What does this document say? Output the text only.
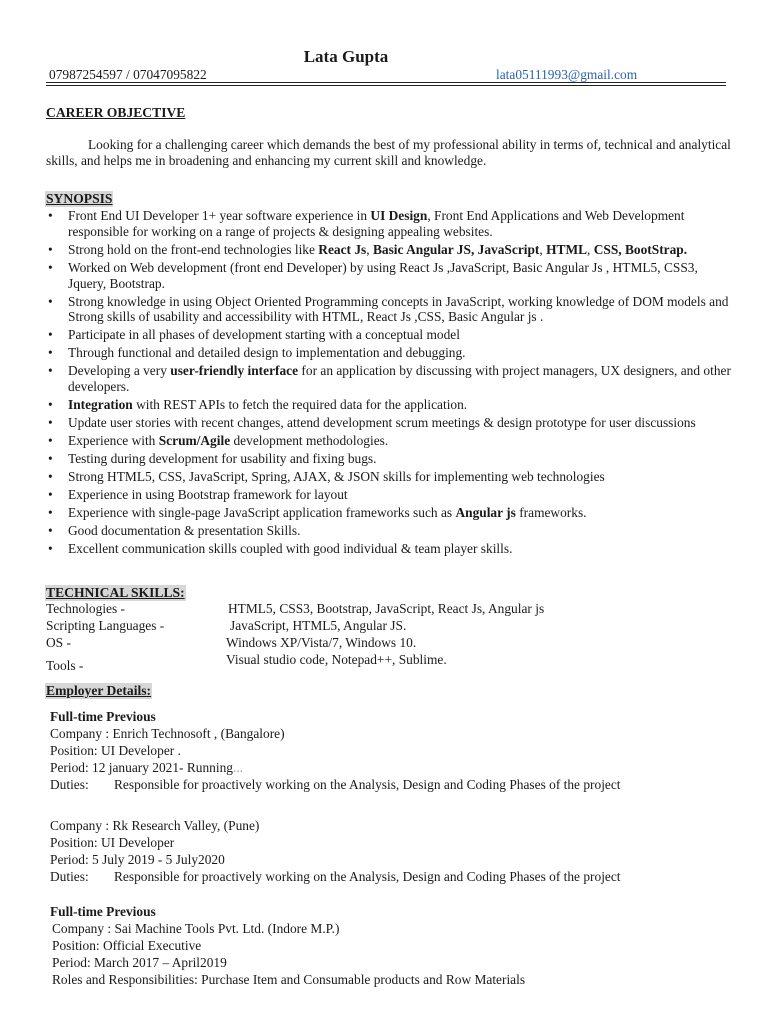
Lata Gupta
07987254597 / 07047095822	lata05111993@gmail.com
CAREER OBJECTIVE
Looking for a challenging career which demands the best of my professional ability in terms of, technical and analytical skills, and helps me in broadening and enhancing my current skill and knowledge.
SYNOPSIS
• Front End UI Developer 1+ year software experience in UI Design, Front End Applications and Web Development responsible for working on a range of projects & designing appealing websites.
• Strong hold on the front-end technologies like React Js, Basic Angular JS, JavaScript, HTML, CSS, BootStrap.
• Worked on Web development (front end Developer) by using React Js ,JavaScript, Basic Angular Js , HTML5, CSS3, Jquery, Bootstrap.
• Strong knowledge in using Object Oriented Programming concepts in JavaScript, working knowledge of DOM models and Strong skills of usability and accessibility with HTML, React Js ,CSS, Basic Angular js .
• Participate in all phases of development starting with a conceptual model
• Through functional and detailed design to implementation and debugging.
• Developing a very user-friendly interface for an application by discussing with project managers, UX designers, and other developers.
• Integration with REST APIs to fetch the required data for the application.
• Update user stories with recent changes, attend development scrum meetings & design prototype for user discussions
• Experience with Scrum/Agile development methodologies.
• Testing during development for usability and fixing bugs.
• Strong HTML5, CSS, JavaScript, Spring, AJAX, & JSON skills for implementing web technologies
• Experience in using Bootstrap framework for layout
• Experience with single-page JavaScript application frameworks such as Angular js frameworks.
• Good documentation & presentation Skills.
• Excellent communication skills coupled with good individual & team player skills.
TECHNICAL SKILLS:
Technologies -	HTML5, CSS3, Bootstrap, JavaScript, React Js, Angular js
Scripting Languages -	JavaScript, HTML5, Angular JS.
OS -	Windows XP/Vista/7, Windows 10.
Tools -	Visual studio code, Notepad++, Sublime.
Employer Details:
Full-time Previous
Company : Enrich Technosoft , (Bangalore)
Position: UI Developer .
Period: 12 january 2021- Running...
Duties: Responsible for proactively working on the Analysis, Design and Coding Phases of the project
Company : Rk Research Valley, (Pune)
Position: UI Developer
Period: 5 July 2019 - 5 July2020
Duties: Responsible for proactively working on the Analysis, Design and Coding Phases of the project
Full-time Previous
Company : Sai Machine Tools Pvt. Ltd. (Indore M.P.)
Position: Official Executive
Period: March 2017 – April2019
Roles and Responsibilities: Purchase Item and Consumable products and Row Materials
